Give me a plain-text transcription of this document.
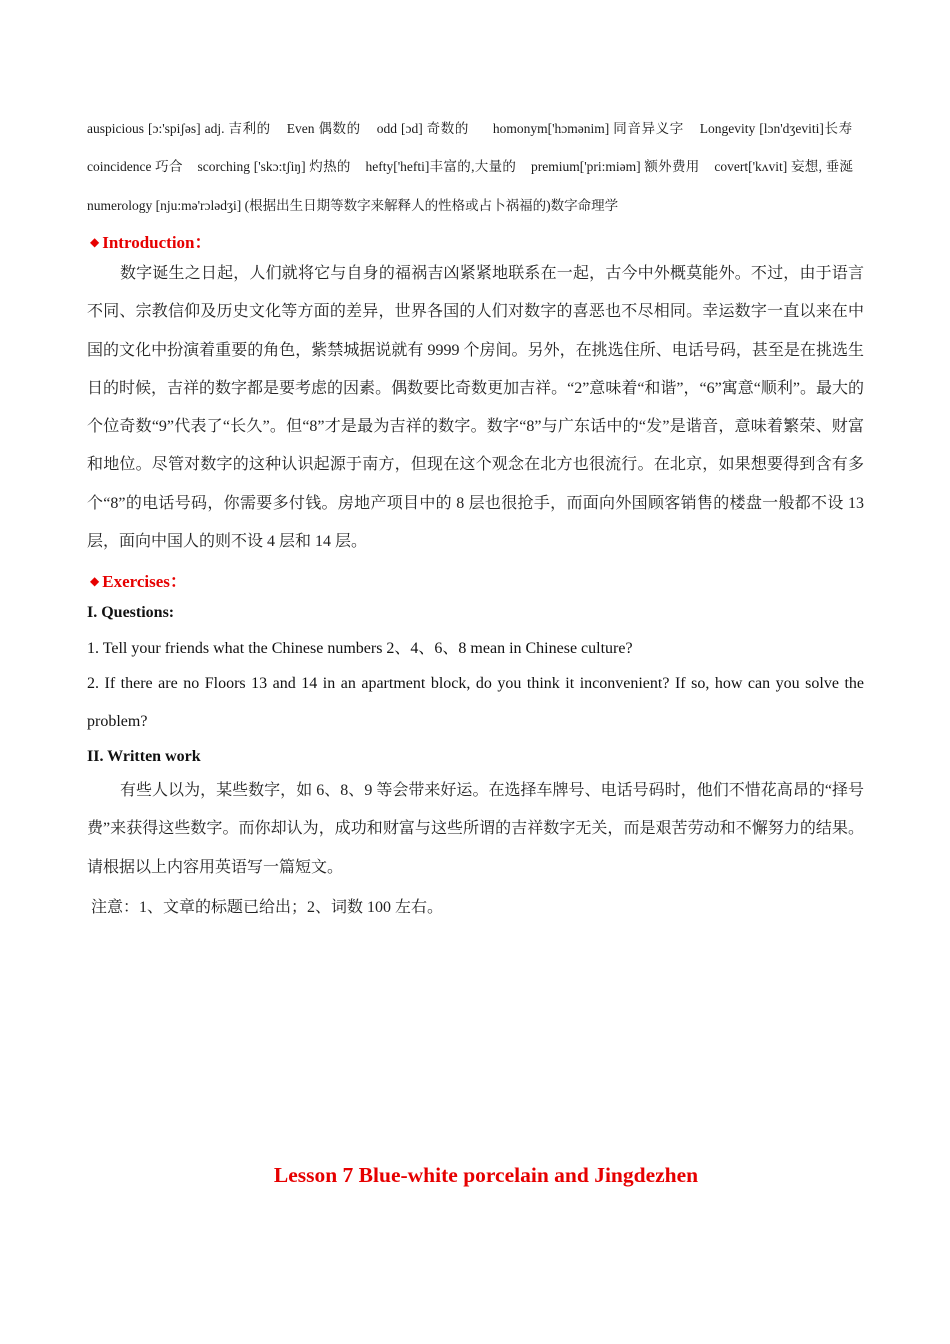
auspicious [ɔ:'spiʃəs] adj. 吉利的 Even 偶数的 odd [ɔd] 奇数的 homonym['hɔmənim] 同音异义字 Longevity [lɔn'dʒeviti]长寿    coincidence 巧合 scorching ['skɔ:tʃiŋ] 灼热的 hefty['hefti]丰富的,大量的 premium['pri:miəm] 额外费用 covert['kʌvit] 妄想, 垂涎    numerology [nju:mə'rɔlədʒi] (根据出生日期等数字来解释人的性格或占卜祸福的)数字命理学
◆ Introduction：
数字诞生之日起，人们就将它与自身的福祸吉凶紧紧地联系在一起，古今中外概莫能外。不过，由于语言不同、宗教信仰及历史文化等方面的差异，世界各国的人们对数字的喜恶也不尽相同。幸运数字一直以来在中国的文化中扮演着重要的角色，紫禁城据说就有 9999 个房间。另外，在挑选住所、电话号码，甚至是在挑选生日的时候，吉祥的数字都是要考虑的因素。偶数要比奇数更加吉祥。“2”意味着“和谐”，“6”寓意“顺利”。最大的个位奇数“9”代表了“长久”。但“8”才是最为吉祥的数字。数字“8”与广东话中的“发”是谐音，意味着繁荣、财富和地位。尽管对数字的这种认识起源于南方，但现在这个观念在北方也很流行。在北京，如果想要得到含有多个“8”的电话号码，你需要多付钱。房地产项目中的 8 层也很抢手，而面向外国顾客销售的楼盘一般都不设 13 层，面向中国人的则不设 4 层和 14 层。
◆ Exercises：
I. Questions:
1. Tell your friends what the Chinese numbers 2、4、6、8 mean in Chinese culture?
2. If there are no Floors 13 and 14 in an apartment block, do you think it inconvenient? If so, how can you solve the problem?
II. Written work
有些人以为，某些数字，如 6、8、9 等会带来好运。在选择车牌号、电话号码时，他们不惜花高昂的“择号费”来获得这些数字。而你却认为，成功和财富与这些所谓的吉祥数字无关，而是艰苦劳动和不懈努力的结果。请根据以上内容用英语写一篇短文。
注意：1、文章的标题已给出；2、词数 100 左右。
Lesson 7 Blue-white porcelain and Jingdezhen
